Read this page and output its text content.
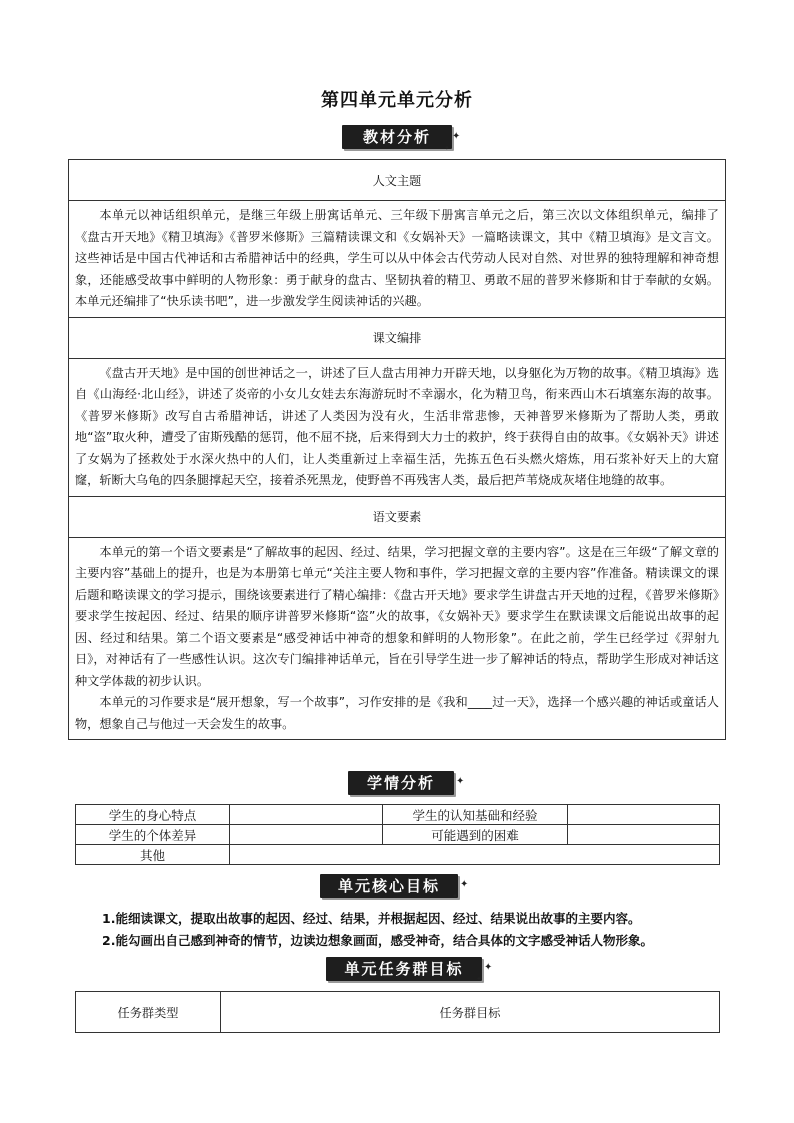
第四单元单元分析
教材分析	✦
✦
人文主题

本单元以神话组织单元，是继三年级上册寓话单元、三年级下册寓言单元之后，第三次以文体组织单元，编排了《盘古开天地》《精卫填海》《普罗米修斯》三篇精读课文和《女娲补天》一篇略读课文，其中《精卫填海》是文言文。这些神话是中国古代神话和古希腊神话中的经典，学生可以从中体会古代劳动人民对自然、对世界的独特理解和神奇想象，还能感受故事中鲜明的人物形象：勇于献身的盘古、坚韧执着的精卫、勇敢不屈的普罗米修斯和甘于奉献的女娲。本单元还编排了“快乐读书吧”，进一步激发学生阅读神话的兴趣。

课文编排

《盘古开天地》是中国的创世神话之一，讲述了巨人盘古用神力开辟天地，以身躯化为万物的故事。《精卫填海》选自《山海经·北山经》，讲述了炎帝的小女儿女娃去东海游玩时不幸溺水，化为精卫鸟，衔来西山木石填塞东海的故事。《普罗米修斯》改写自古希腊神话，讲述了人类因为没有火，生活非常悲惨，天神普罗米修斯为了帮助人类，勇敢地“盗”取火种，遭受了宙斯残酷的惩罚，他不屈不挠，后来得到大力士的救护，终于获得自由的故事。《女娲补天》讲述了女娲为了拯救处于水深火热中的人们，让人类重新过上幸福生活，先拣五色石头燃火熔炼，用石浆补好天上的大窟窿，斩断大乌龟的四条腿撑起天空，接着杀死黑龙，使野兽不再残害人类，最后把芦苇烧成灰堵住地缝的故事。

语文要素

本单元的第一个语文要素是“了解故事的起因、经过、结果，学习把握文章的主要内容”。这是在三年级“了解文章的主要内容”基础上的提升，也是为本册第七单元“关注主要人物和事件，学习把握文章的主要内容”作准备。精读课文的课后题和略读课文的学习提示，围绕该要素进行了精心编排：《盘古开天地》要求学生讲盘古开天地的过程，《普罗米修斯》要求学生按起因、经过、结果的顺序讲普罗米修斯“盗”火的故事，《女娲补天》要求学生在默读课文后能说出故事的起因、经过和结果。第二个语文要素是“感受神话中神奇的想象和鲜明的人物形象”。在此之前，学生已经学过《羿射九日》，对神话有了一些感性认识。这次专门编排神话单元，旨在引导学生进一步了解神话的特点，帮助学生形成对神话这种文学体裁的初步认识。

本单元的习作要求是“展开想象，写一个故事”，习作安排的是《我和____过一天》，选择一个感兴趣的神话或童话人物，想象自己与他过一天会发生的故事。

学情分析	✦
✦
学生的身心特点		学生的认知基础和经验	
学生的个体差异		可能遇到的困难	
其他			
单元核心目标	✦
✦
1.能细读课文，提取出故事的起因、经过、结果，并根据起因、经过、结果说出故事的主要内容。
2.能勾画出自己感到神奇的情节，边读边想象画面，感受神奇，结合具体的文字感受神话人物形象。
单元任务群目标	✦
✦
任务群类型	任务群目标
